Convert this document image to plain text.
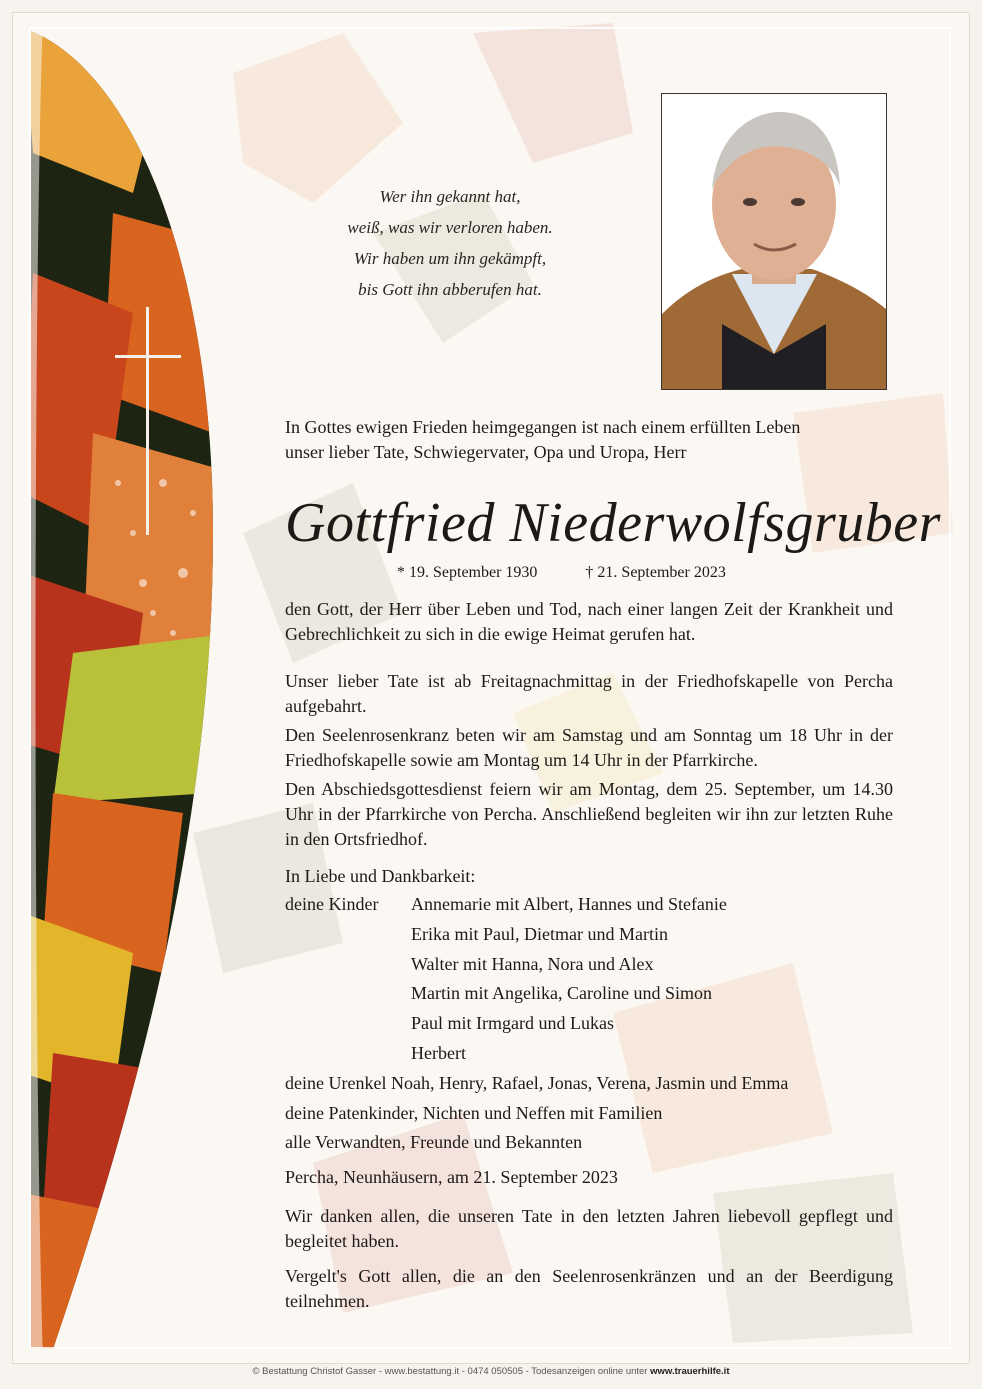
Wer ihn gekannt hat,
weiß, was wir verloren haben.
Wir haben um ihn gekämpft,
bis Gott ihn abberufen hat.
In Gottes ewigen Frieden heimgegangen ist nach einem erfüllten Leben
unser lieber Tate, Schwiegervater, Opa und Uropa, Herr
Gottfried Niederwolfsgruber
* 19. September 1930	† 21. September 2023
den Gott, der Herr über Leben und Tod, nach einer langen Zeit der Krankheit und Gebrechlichkeit zu sich in die ewige Heimat gerufen hat.
Unser lieber Tate ist ab Freitagnachmittag in der Friedhofskapelle von Percha aufgebahrt.
Den Seelenrosenkranz beten wir am Samstag und am Sonntag um 18 Uhr in der Friedhofskapelle sowie am Montag um 14 Uhr in der Pfarrkirche.
Den Abschiedsgottesdienst feiern wir am Montag, dem 25. September, um 14.30 Uhr in der Pfarrkirche von Percha. Anschließend begleiten wir ihn zur letzten Ruhe in den Ortsfriedhof.
In Liebe und Dankbarkeit:
deine Kinder	Annemarie mit Albert, Hannes und Stefanie
Erika mit Paul, Dietmar und Martin
Walter mit Hanna, Nora und Alex
Martin mit Angelika, Caroline und Simon
Paul mit Irmgard und Lukas
Herbert
deine Urenkel Noah, Henry, Rafael, Jonas, Verena, Jasmin und Emma
deine Patenkinder, Nichten und Neffen mit Familien
alle Verwandten, Freunde und Bekannten
Percha, Neunhäusern, am 21. September 2023
Wir danken allen, die unseren Tate in den letzten Jahren liebevoll gepflegt und begleitet haben.
Vergelt's Gott allen, die an den Seelenrosenkränzen und an der Beerdigung teilnehmen.
© Bestattung Christof Gasser - www.bestattung.it - 0474 050505 - Todesanzeigen online unter www.trauerhilfe.it
